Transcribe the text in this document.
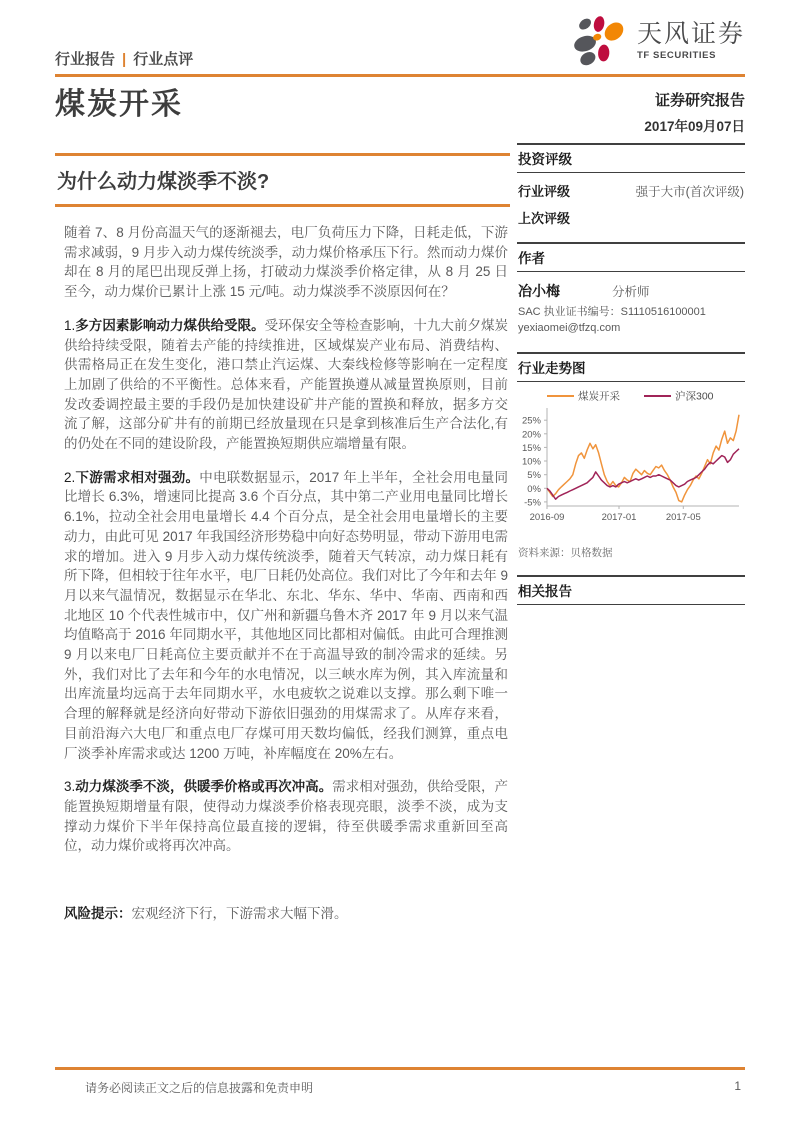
行业报告 | 行业点评
天风证券
TF SECURITIES
煤炭开采	证券研究报告
2017年09月07日
为什么动力煤淡季不淡?

随着 7、8 月份高温天气的逐渐褪去，电厂负荷压力下降，日耗走低，下游需求减弱，9 月步入动力煤传统淡季，动力煤价格承压下行。然而动力煤价却在 8 月的尾巴出现反弹上扬，打破动力煤淡季价格定律，从 8 月 25 日至今，动力煤价已累计上涨 15 元/吨。动力煤淡季不淡原因何在？

1.多方因素影响动力煤供给受限。受环保安全等检查影响，十九大前夕煤炭供给持续受限，随着去产能的持续推进，区域煤炭产业布局、消费结构、供需格局正在发生变化，港口禁止汽运煤、大秦线检修等影响在一定程度上加剧了供给的不平衡性。总体来看，产能置换遵从减量置换原则，目前发改委调控最主要的手段仍是加快建设矿井产能的置换和释放，据多方交流了解，这部分矿井有的前期已经放量现在只是拿到核准后生产合法化,有的仍处在不同的建设阶段，产能置换短期供应端增量有限。

2.下游需求相对强劲。中电联数据显示，2017 年上半年，全社会用电量同比增长 6.3%，增速同比提高 3.6 个百分点，其中第二产业用电量同比增长 6.1%，拉动全社会用电量增长 4.4 个百分点，是全社会用电量增长的主要动力，由此可见 2017 年我国经济形势稳中向好态势明显，带动下游用电需求的增加。进入 9 月步入动力煤传统淡季，随着天气转凉，动力煤日耗有所下降，但相较于往年水平，电厂日耗仍处高位。我们对比了今年和去年 9 月以来气温情况，数据显示在华北、东北、华东、华中、华南、西南和西北地区 10 个代表性城市中，仅广州和新疆乌鲁木齐 2017 年 9 月以来气温均值略高于 2016 年同期水平，其他地区同比都相对偏低。由此可合理推测 9 月以来电厂日耗高位主要贡献并不在于高温导致的制冷需求的延续。另外，我们对比了去年和今年的水电情况，以三峡水库为例，其入库流量和出库流量均远高于去年同期水平，水电疲软之说难以支撑。那么剩下唯一合理的解释就是经济向好带动下游依旧强劲的用煤需求了。从库存来看，目前沿海六大电厂和重点电厂存煤可用天数均偏低，经我们测算，重点电厂淡季补库需求或达 1200 万吨，补库幅度在 20%左右。

3.动力煤淡季不淡，供暖季价格或再次冲高。需求相对强劲，供给受限，产能置换短期增量有限，使得动力煤淡季价格表现亮眼，淡季不淡，成为支撑动力煤价下半年保持高位最直接的逻辑，待至供暖季需求重新回至高位，动力煤价或将再次冲高。

风险提示：宏观经济下行，下游需求大幅下滑。

投资评级
行业评级	强于大市(首次评级)
上次评级
作者
冶小梅	分析师
SAC 执业证书编号：S1110516100001
yexiaomei@tfzq.com
行业走势图
煤炭开采	沪深300
-5%
0%
5%
10%
15%
20%
25%
2016-09	2017-01	2017-05
资料来源：贝格数据
相关报告
请务必阅读正文之后的信息披露和免责申明	1
